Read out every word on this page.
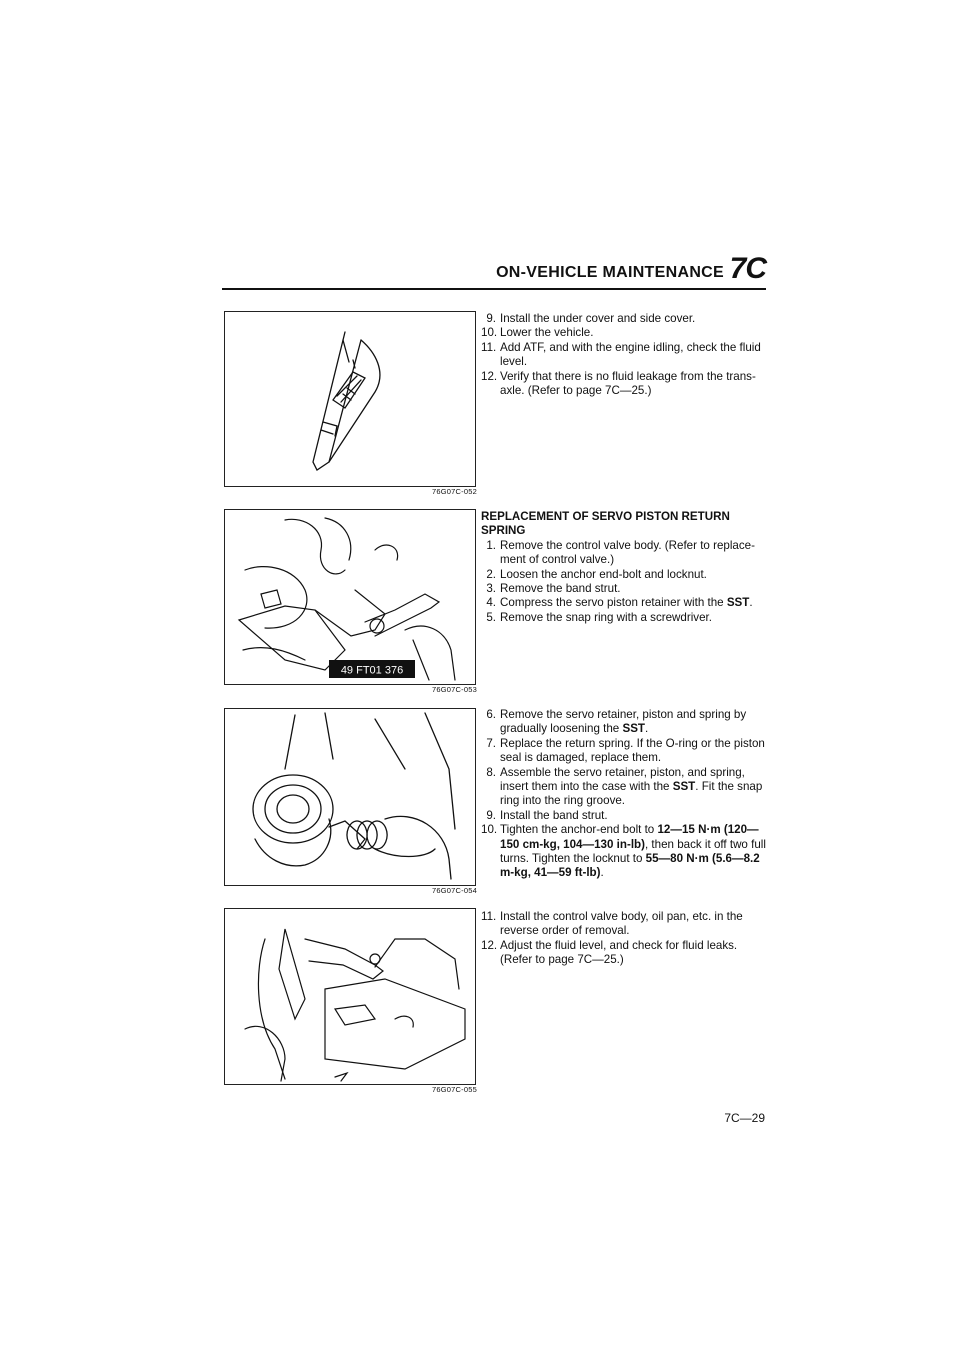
ON-VEHICLE MAINTENANCE 7C
76G07C-052
49 FT01 376
76G07C-053
76G07C-054
76G07C-055
9. Install the under cover and side cover.
10. Lower the vehicle.
11. Add ATF, and with the engine idling, check the fluid level.
12. Verify that there is no fluid leakage from the trans-axle. (Refer to page 7C—25.)
REPLACEMENT OF SERVO PISTON RETURN SPRING
1. Remove the control valve body. (Refer to replace-ment of control valve.)
2. Loosen the anchor end-bolt and locknut.
3. Remove the band strut.
4. Compress the servo piston retainer with the SST.
5. Remove the snap ring with a screwdriver.
6. Remove the servo retainer, piston and spring by gradually loosening the SST.
7. Replace the return spring. If the O-ring or the piston seal is damaged, replace them.
8. Assemble the servo retainer, piston, and spring, insert them into the case with the SST. Fit the snap ring into the ring groove.
9. Install the band strut.
10. Tighten the anchor-end bolt to 12—15 N·m (120—150 cm-kg, 104—130 in-lb), then back it off two full turns. Tighten the locknut to 55—80 N·m (5.6—8.2 m-kg, 41—59 ft-lb).
11. Install the control valve body, oil pan, etc. in the reverse order of removal.
12. Adjust the fluid level, and check for fluid leaks. (Refer to page 7C—25.)
7C—29
